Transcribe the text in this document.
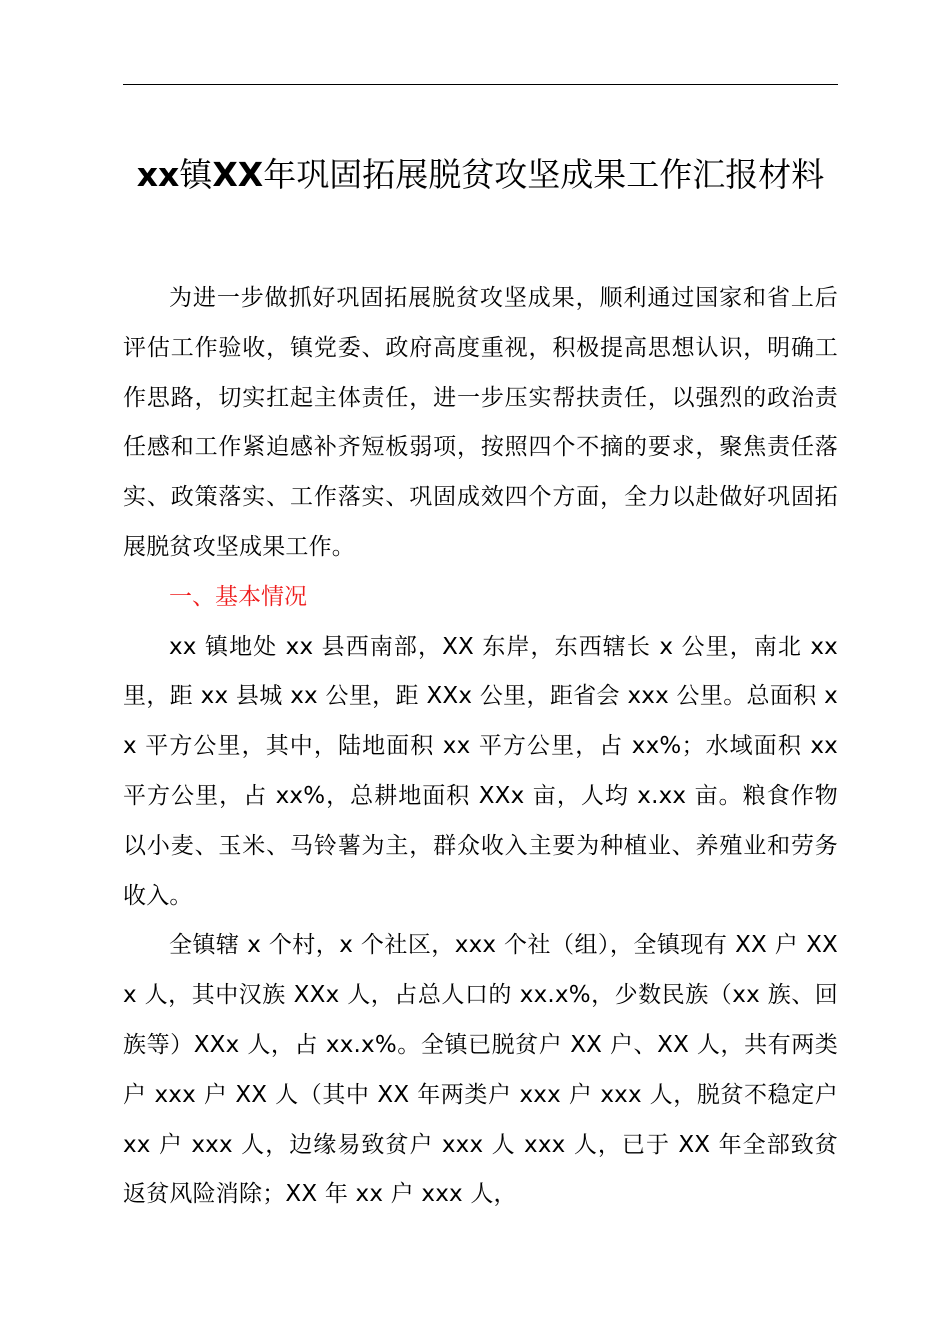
xx镇XX年巩固拓展脱贫攻坚成果工作汇报材料

为进一步做抓好巩固拓展脱贫攻坚成果，顺利通过国家和省上后评估工作验收，镇党委、政府高度重视，积极提高思想认识，明确工作思路，切实扛起主体责任，进一步压实帮扶责任，以强烈的政治责任感和工作紧迫感补齐短板弱项，按照四个不摘的要求，聚焦责任落实、政策落实、工作落实、巩固成效四个方面，全力以赴做好巩固拓展脱贫攻坚成果工作。

一、基本情况

xx 镇地处 xx 县西南部，XX 东岸，东西辖长 x 公里，南北 xx 里，距 xx 县城 xx 公里，距 XXx 公里，距省会 xxx 公里。总面积 xx 平方公里，其中，陆地面积 xx 平方公里，占 xx%；水域面积 xx 平方公里，占 xx%，总耕地面积 XXx 亩，人均 x.xx 亩。粮食作物以小麦、玉米、马铃薯为主，群众收入主要为种植业、养殖业和劳务收入。

全镇辖 x 个村，x 个社区，xxx 个社（组），全镇现有 XX 户 XXx 人，其中汉族 XXx 人，占总人口的 xx.x%，少数民族（xx 族、回族等）XXx 人，占 xx.x%。全镇已脱贫户 XX 户、XX 人，共有两类户 xxx 户 XX 人（其中 XX 年两类户 xxx 户 xxx 人，脱贫不稳定户 xx 户 xxx 人，边缘易致贫户 xxx 人 xxx 人，已于 XX 年全部致贫返贫风险消除；XX 年 xx 户 xxx 人，
